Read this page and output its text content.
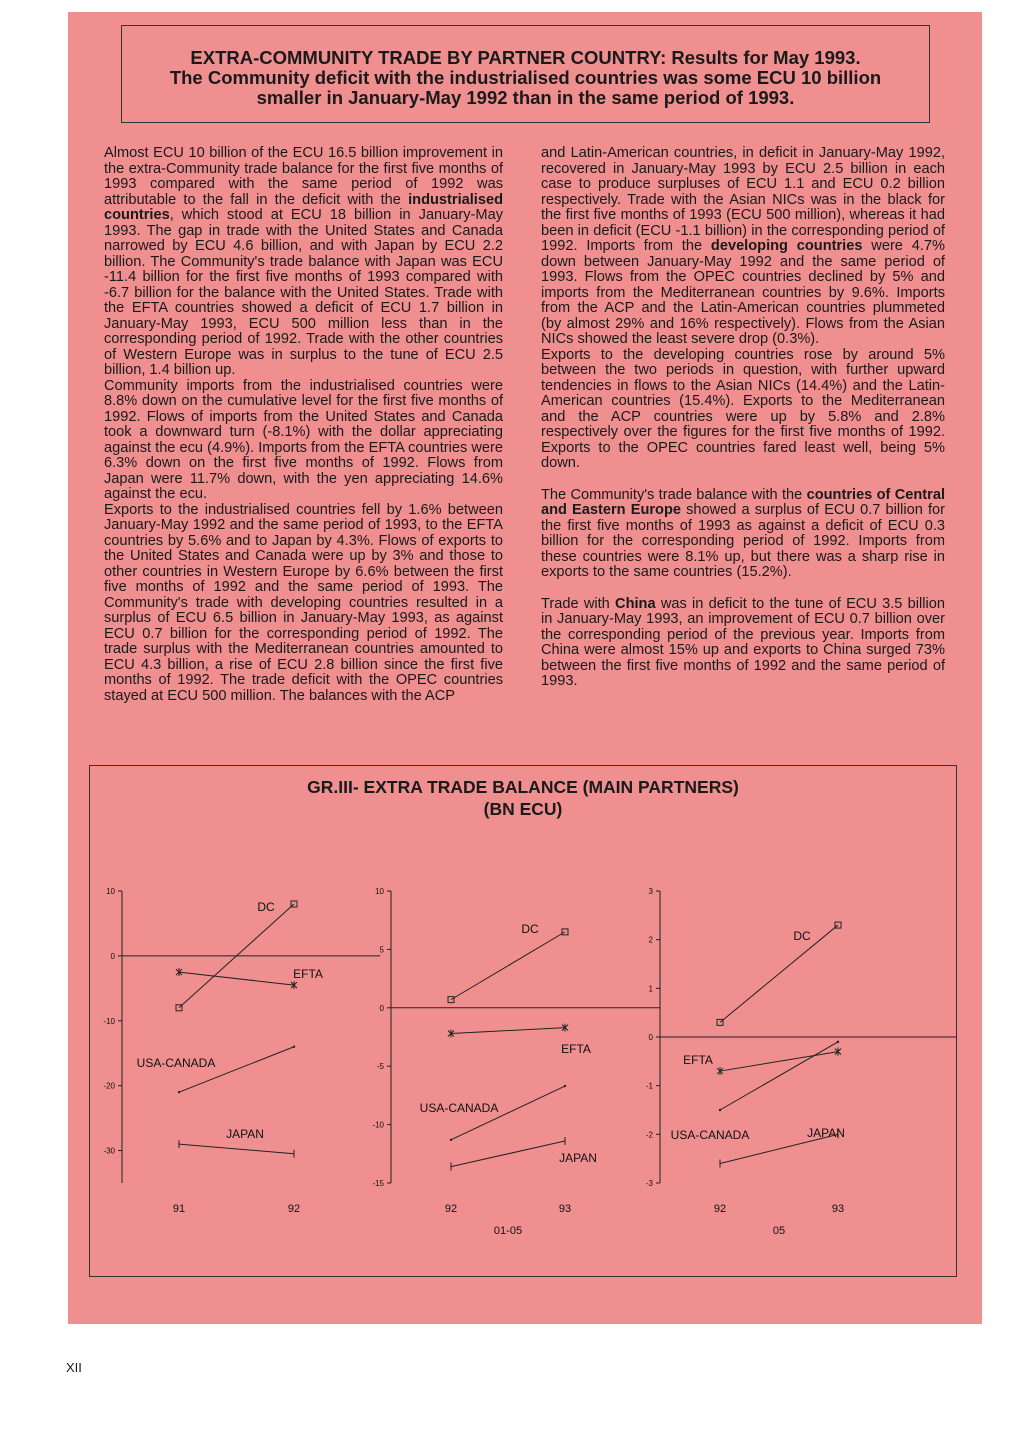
EXTRA-COMMUNITY TRADE BY PARTNER COUNTRY: Results for May 1993.
The Community deficit with the industrialised countries was some ECU 10 billion
smaller in January-May 1992 than in the same period of 1993.

Almost ECU 10 billion of the ECU 16.5 billion improvement in the extra-Community trade balance for the first five months of 1993 compared with the same period of 1992 was attributable to the fall in the deficit with the industrialised countries, which stood at ECU 18 billion in January-May 1993. The gap in trade with the United States and Canada narrowed by ECU 4.6 billion, and with Japan by ECU 2.2 billion. The Community's trade balance with Japan was ECU -11.4 billion for the first five months of 1993 compared with -6.7 billion for the balance with the United States. Trade with the EFTA countries showed a deficit of ECU 1.7 billion in January-May 1993, ECU 500 million less than in the corresponding period of 1992. Trade with the other countries of Western Europe was in surplus to the tune of ECU 2.5 billion, 1.4 billion up.

Community imports from the industrialised countries were 8.8% down on the cumulative level for the first five months of 1992. Flows of imports from the United States and Canada took a downward turn (-8.1%) with the dollar appreciating against the ecu (4.9%). Imports from the EFTA countries were 6.3% down on the first five months of 1992. Flows from Japan were 11.7% down, with the yen appreciating 14.6% against the ecu.

Exports to the industrialised countries fell by 1.6% between January-May 1992 and the same period of 1993, to the EFTA countries by 5.6% and to Japan by 4.3%. Flows of exports to the United States and Canada were up by 3% and those to other countries in Western Europe by 6.6% between the first five months of 1992 and the same period of 1993. The Community's trade with developing countries resulted in a surplus of ECU 6.5 billion in January-May 1993, as against ECU 0.7 billion for the corresponding period of 1992. The trade surplus with the Mediterranean countries amounted to ECU 4.3 billion, a rise of ECU 2.8 billion since the first five months of 1992. The trade deficit with the OPEC countries stayed at ECU 500 million. The balances with the ACP

and Latin-American countries, in deficit in January-May 1992, recovered in January-May 1993 by ECU 2.5 billion in each case to produce surpluses of ECU 1.1 and ECU 0.2 billion respectively. Trade with the Asian NICs was in the black for the first five months of 1993 (ECU 500 million), whereas it had been in deficit (ECU -1.1 billion) in the corresponding period of 1992. Imports from the developing countries were 4.7% down between January-May 1992 and the same period of 1993. Flows from the OPEC countries declined by 5% and imports from the Mediterranean countries by 9.6%. Imports from the ACP and the Latin-American countries plummeted (by almost 29% and 16% respectively). Flows from the Asian NICs showed the least severe drop (0.3%).

Exports to the developing countries rose by around 5% between the two periods in question, with further upward tendencies in flows to the Asian NICs (14.4%) and the Latin-American countries (15.4%). Exports to the Mediterranean and the ACP countries were up by 5.8% and 2.8% respectively over the figures for the first five months of 1992. Exports to the OPEC countries fared least well, being 5% down.

The Community's trade balance with the countries of Central and Eastern Europe showed a surplus of ECU 0.7 billion for the first five months of 1993 as against a deficit of ECU 0.3 billion for the corresponding period of 1992. Imports from these countries were 8.1% up, but there was a sharp rise in exports to the same countries (15.2%).

Trade with China was in deficit to the tune of ECU 3.5 billion in January-May 1993, an improvement of ECU 0.7 billion over the corresponding period of the previous year. Imports from China were almost 15% up and exports to China surged 73% between the first five months of 1992 and the same period of 1993.

GR.III- EXTRA TRADE BALANCE (MAIN PARTNERS)
(BN ECU)
10
0
-10
-20
-30
91	92
DC
EFTA
USA-CANADA
JAPAN
10
5
0
-5
-10
-15
92	93
01-05
DC
EFTA
USA-CANADA
JAPAN
3
2
1
0
-1
-2
-3
92	93
05
DC
EFTA
USA-CANADA	JAPAN
XII
